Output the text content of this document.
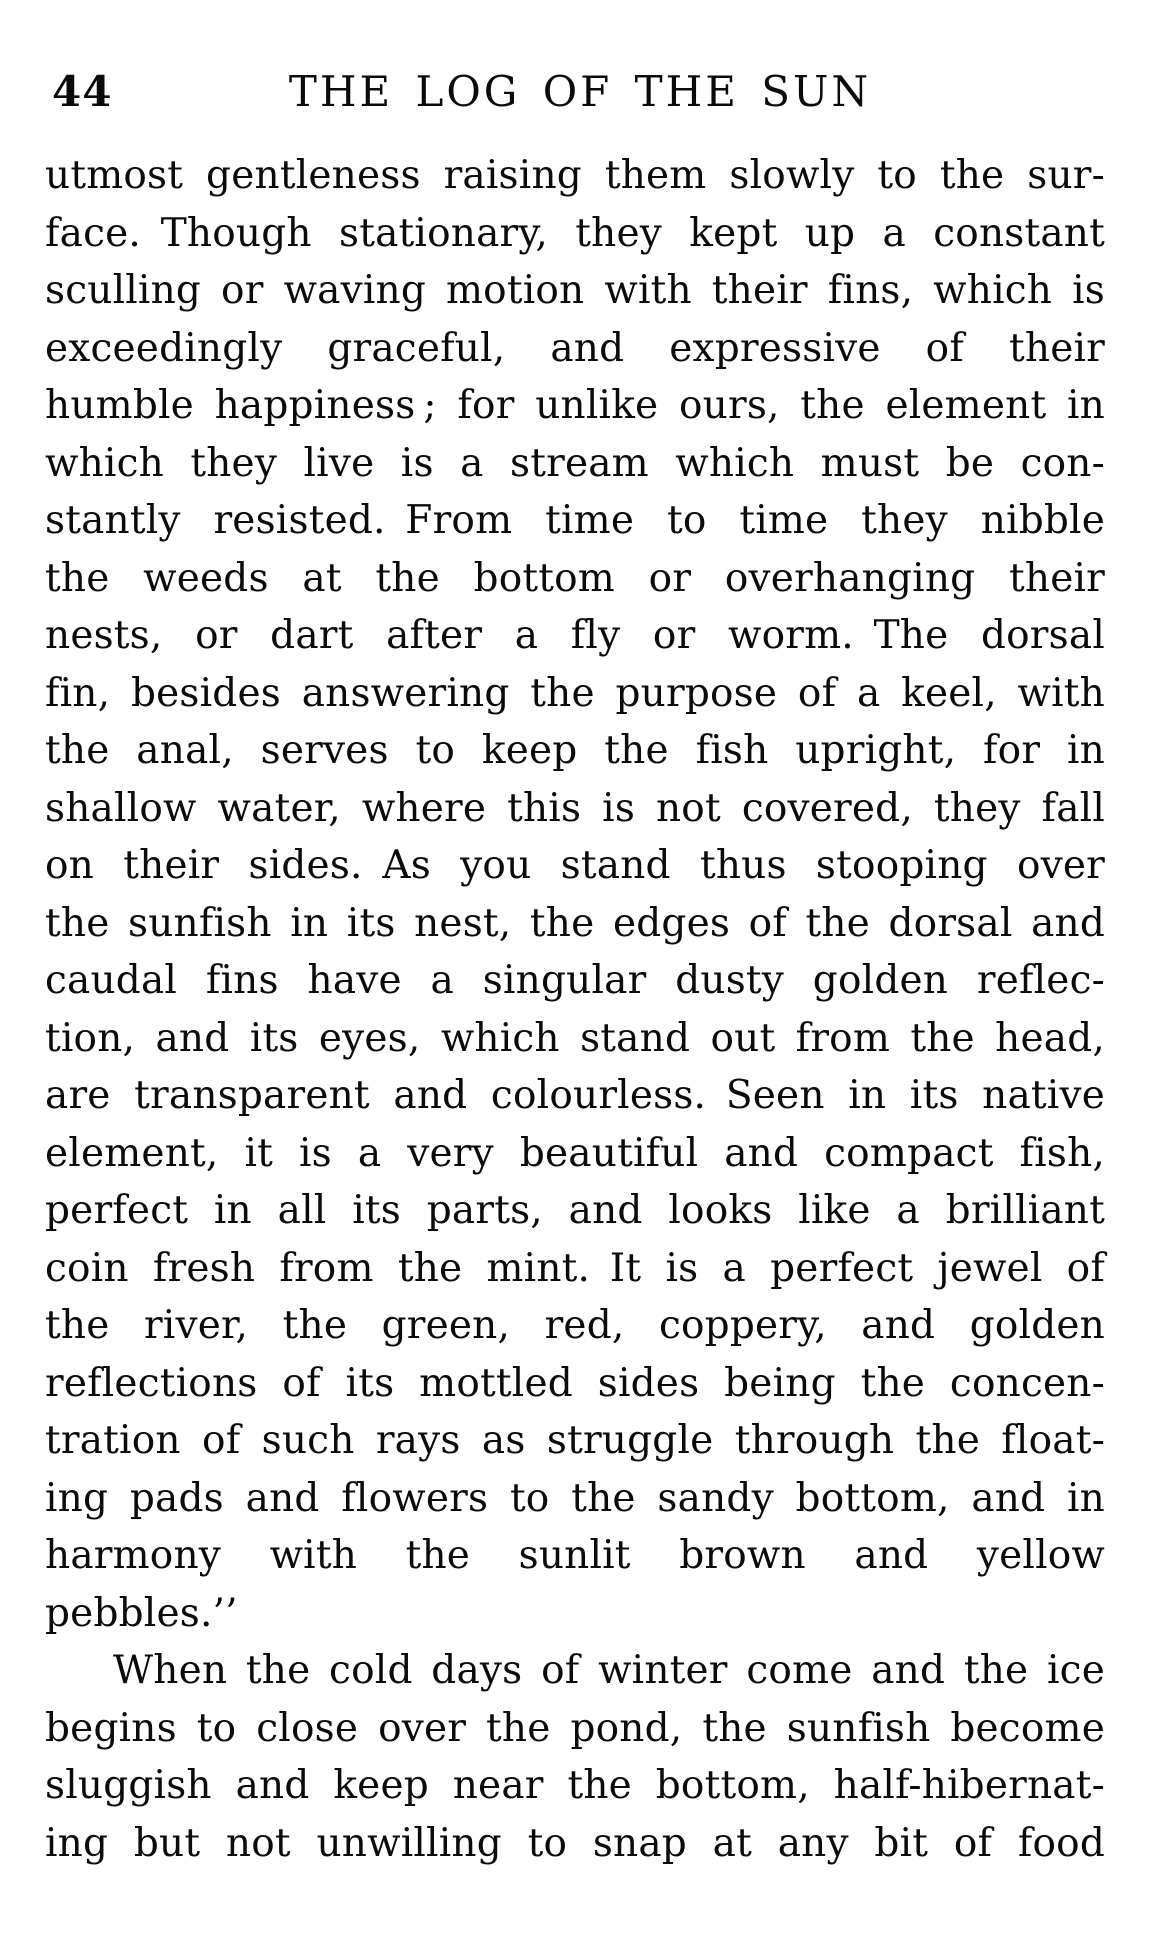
44	THE LOG OF THE SUN
utmost gentleness raising them slowly to the sur-
face. Though stationary, they kept up a constant
sculling or waving motion with their fins, which is
exceedingly graceful, and expressive of their
humble happiness ; for unlike ours, the element in
which they live is a stream which must be con-
stantly resisted. From time to time they nibble
the weeds at the bottom or overhanging their
nests, or dart after a fly or worm. The dorsal
fin, besides answering the purpose of a keel, with
the anal, serves to keep the fish upright, for in
shallow water, where this is not covered, they fall
on their sides. As you stand thus stooping over
the sunfish in its nest, the edges of the dorsal and
caudal fins have a singular dusty golden reflec-
tion, and its eyes, which stand out from the head,
are transparent and colourless. Seen in its native
element, it is a very beautiful and compact fish,
perfect in all its parts, and looks like a brilliant
coin fresh from the mint. It is a perfect jewel of
the river, the green, red, coppery, and golden
reflections of its mottled sides being the concen-
tration of such rays as struggle through the float-
ing pads and flowers to the sandy bottom, and in
harmony with the sunlit brown and yellow
pebbles.’’
When the cold days of winter come and the ice
begins to close over the pond, the sunfish become
sluggish and keep near the bottom, half-hibernat-
ing but not unwilling to snap at any bit of food
